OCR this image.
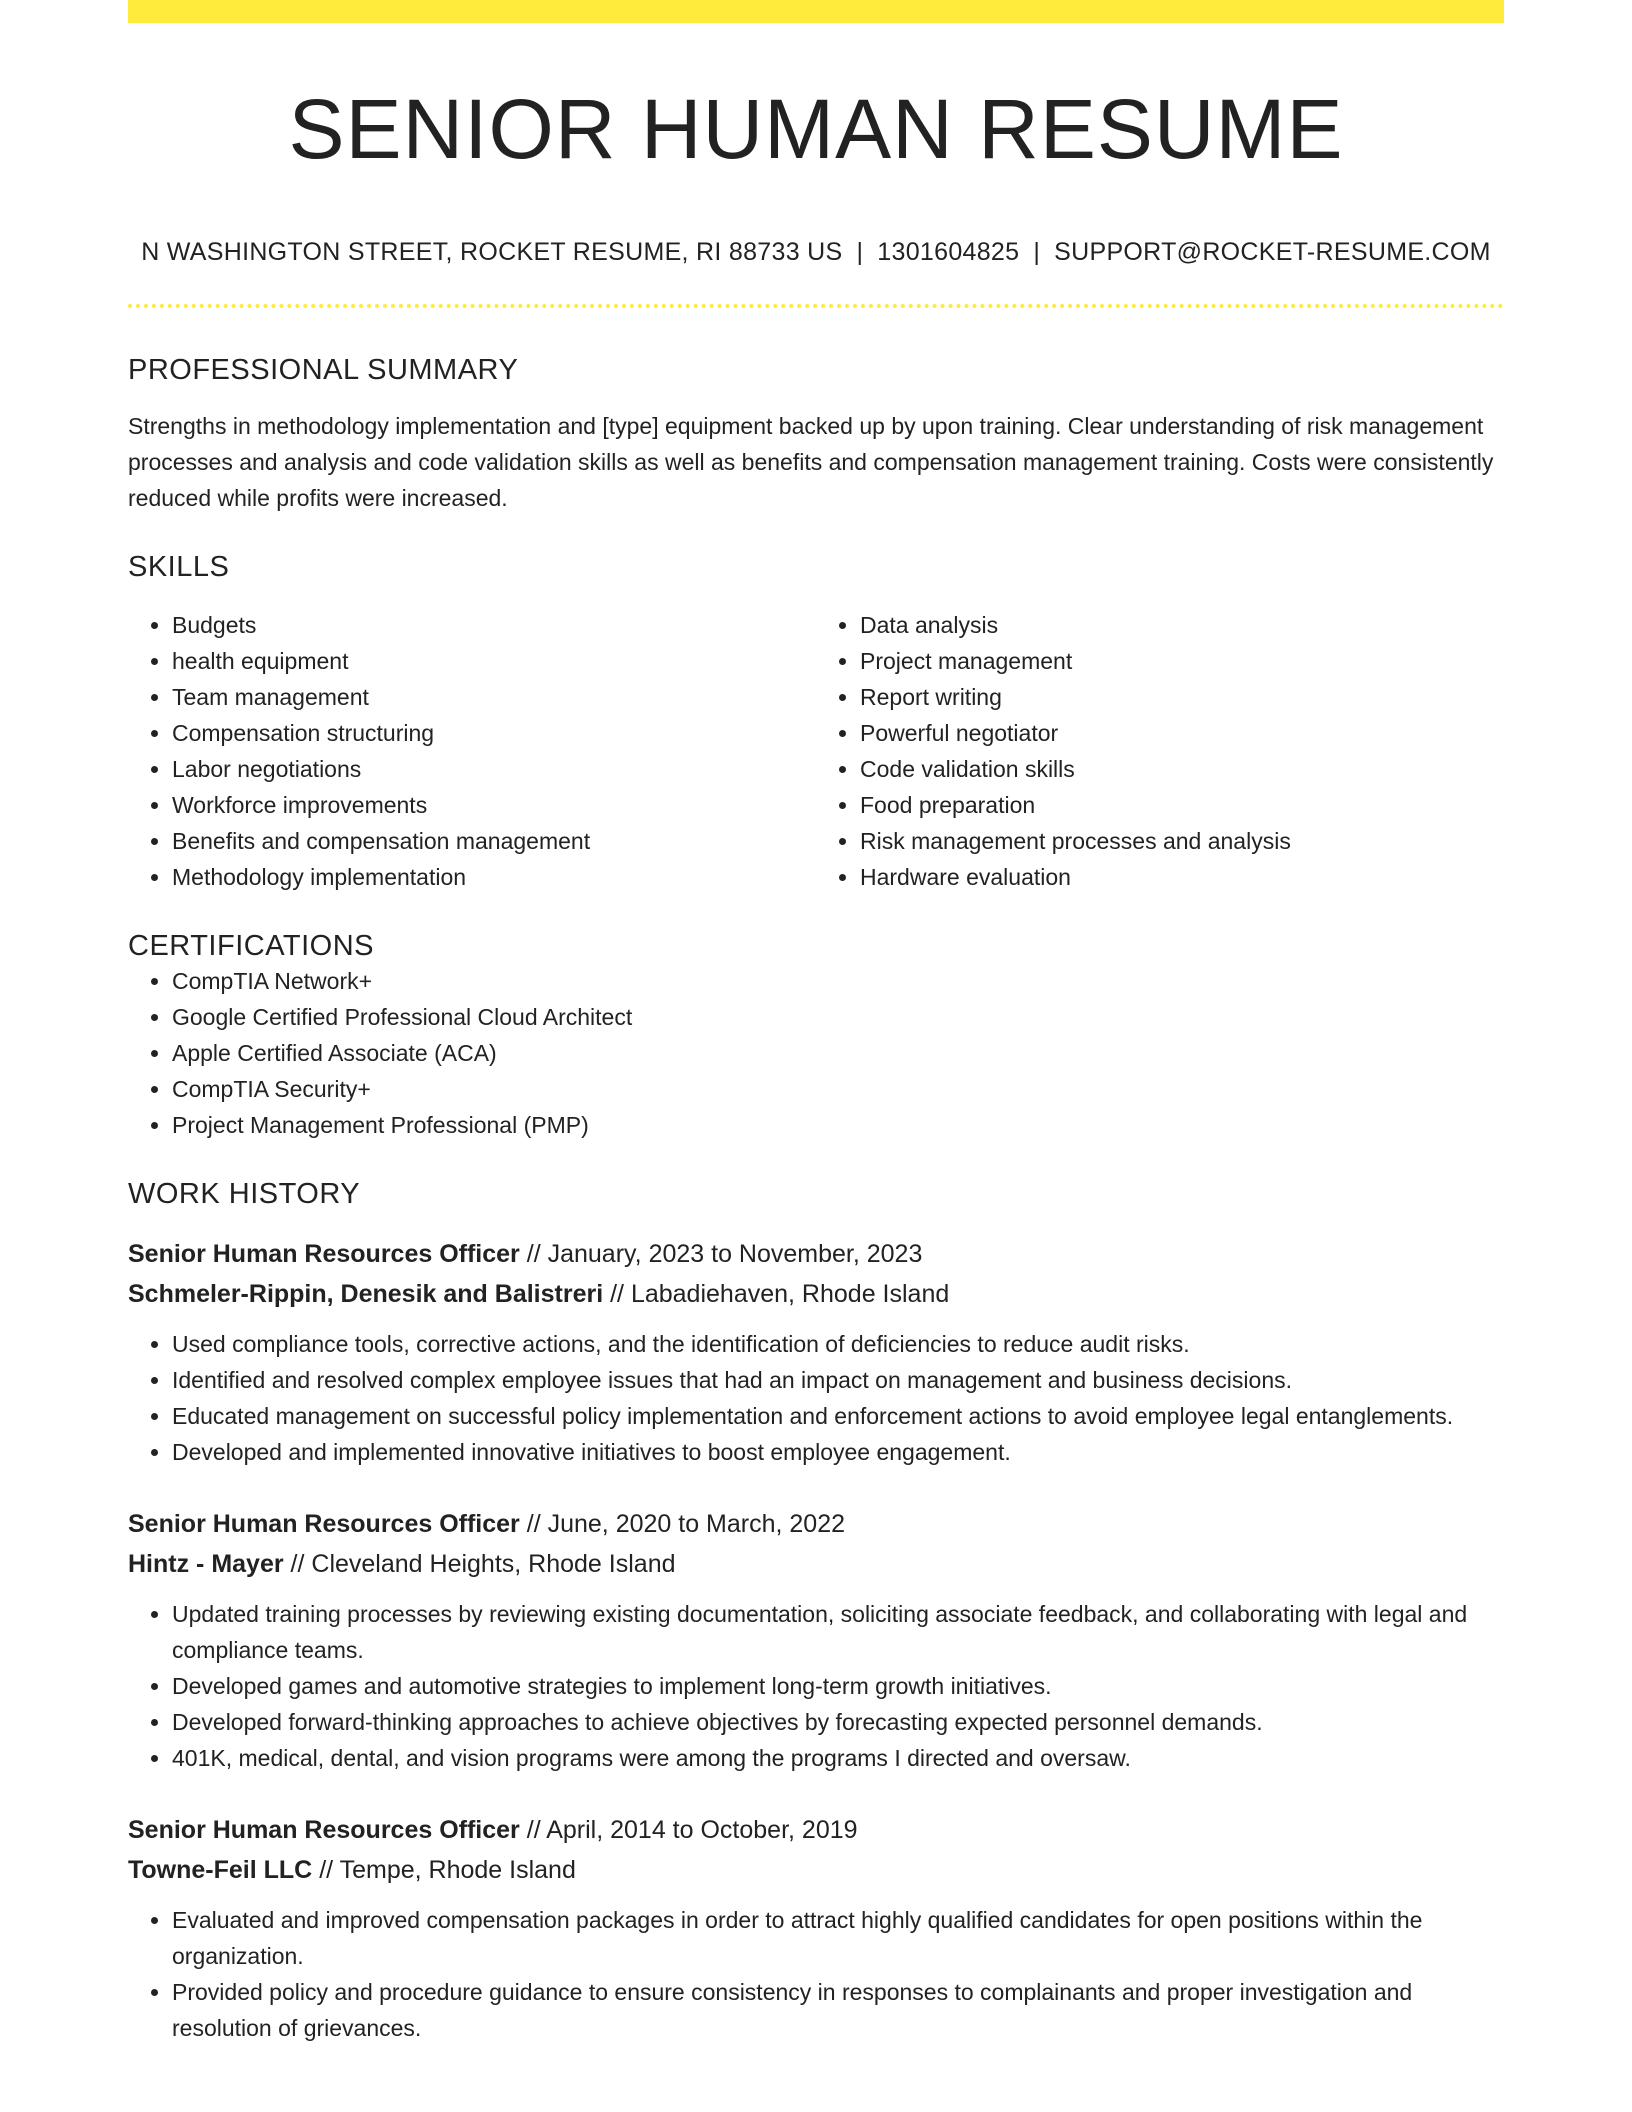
SENIOR HUMAN RESUME
N WASHINGTON STREET, ROCKET RESUME, RI 88733 US | 1301604825 | SUPPORT@ROCKET-RESUME.COM
PROFESSIONAL SUMMARY
Strengths in methodology implementation and [type] equipment backed up by upon training. Clear understanding of risk management processes and analysis and code validation skills as well as benefits and compensation management training. Costs were consistently reduced while profits were increased.
SKILLS
• Budgets
• health equipment
• Team management
• Compensation structuring
• Labor negotiations
• Workforce improvements
• Benefits and compensation management
• Methodology implementation
• Data analysis
• Project management
• Report writing
• Powerful negotiator
• Code validation skills
• Food preparation
• Risk management processes and analysis
• Hardware evaluation
CERTIFICATIONS
• CompTIA Network+
• Google Certified Professional Cloud Architect
• Apple Certified Associate (ACA)
• CompTIA Security+
• Project Management Professional (PMP)
WORK HISTORY
Senior Human Resources Officer // January, 2023 to November, 2023
Schmeler-Rippin, Denesik and Balistreri // Labadiehaven, Rhode Island
• Used compliance tools, corrective actions, and the identification of deficiencies to reduce audit risks.
• Identified and resolved complex employee issues that had an impact on management and business decisions.
• Educated management on successful policy implementation and enforcement actions to avoid employee legal entanglements.
• Developed and implemented innovative initiatives to boost employee engagement.
Senior Human Resources Officer // June, 2020 to March, 2022
Hintz - Mayer // Cleveland Heights, Rhode Island
• Updated training processes by reviewing existing documentation, soliciting associate feedback, and collaborating with legal and compliance teams.
• Developed games and automotive strategies to implement long-term growth initiatives.
• Developed forward-thinking approaches to achieve objectives by forecasting expected personnel demands.
• 401K, medical, dental, and vision programs were among the programs I directed and oversaw.
Senior Human Resources Officer // April, 2014 to October, 2019
Towne-Feil LLC // Tempe, Rhode Island
• Evaluated and improved compensation packages in order to attract highly qualified candidates for open positions within the organization.
• Provided policy and procedure guidance to ensure consistency in responses to complainants and proper investigation and resolution of grievances.
